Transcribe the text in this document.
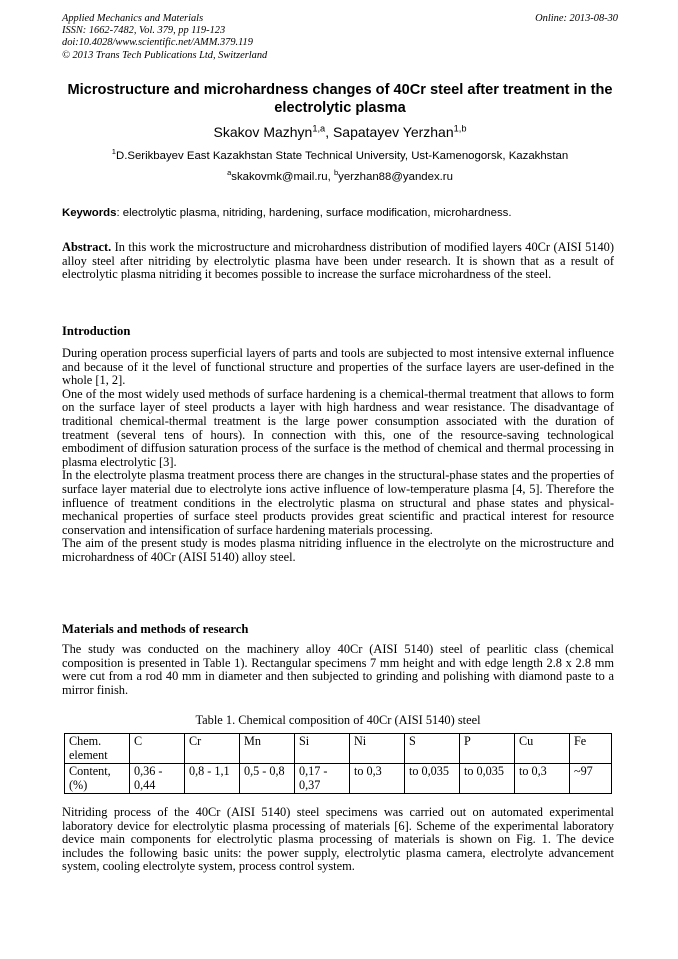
Applied Mechanics and Materials
ISSN: 1662-7482, Vol. 379, pp 119-123
doi:10.4028/www.scientific.net/AMM.379.119
© 2013 Trans Tech Publications Ltd, Switzerland
Online: 2013-08-30
Microstructure and microhardness changes of 40Cr steel after treatment in the electrolytic plasma
Skakov Mazhyn$^{1,a}$, Sapatayev Yerzhan$^{1,b}$
$^1$D.Serikbayev East Kazakhstan State Technical University, Ust-Kamenogorsk, Kazakhstan
$^a$skakovmk@mail.ru, $^b$yerzhan88@yandex.ru
Keywords: electrolytic plasma, nitriding, hardening, surface modification, microhardness.

Abstract. In this work the microstructure and microhardness distribution of modified layers 40Cr (AISI 5140) alloy steel after nitriding by electrolytic plasma have been under research. It is shown that as a result of electrolytic plasma nitriding it becomes possible to increase the surface microhardness of the steel.

Introduction

During operation process superficial layers of parts and tools are subjected to most intensive external influence and because of it the level of functional structure and properties of the surface layers are user-defined in the whole [1, 2].

One of the most widely used methods of surface hardening is a chemical-thermal treatment that allows to form on the surface layer of steel products a layer with high hardness and wear resistance. The disadvantage of traditional chemical-thermal treatment is the large power consumption associated with the duration of treatment (several tens of hours). In connection with this, one of the resource-saving technological embodiment of diffusion saturation process of the surface is the method of chemical and thermal processing in plasma electrolytic [3].

In the electrolyte plasma treatment process there are changes in the structural-phase states and the properties of surface layer material due to electrolyte ions active influence of low-temperature plasma [4, 5]. Therefore the influence of treatment conditions in the electrolytic plasma on structural and phase states and physical-mechanical properties of surface steel products provides great scientific and practical interest for resource conservation and intensification of surface hardening materials processing.

The aim of the present study is modes plasma nitriding influence in the electrolyte on the microstructure and microhardness of 40Cr (AISI 5140) alloy steel.

Materials and methods of research
The study was conducted on the machinery alloy 40Cr (AISI 5140) steel of pearlitic class (chemical composition is presented in Table 1). Rectangular specimens 7 mm height and with edge length 2.8 x 2.8 mm were cut from a rod 40 mm in diameter and then subjected to grinding and polishing with diamond paste to a mirror finish.
Table 1. Chemical composition of 40Cr (AISI 5140) steel
Chem. element	C	Cr	Mn	Si	Ni	S	P	Cu	Fe
Content, (%)	0,36 - 0,44	0,8 - 1,1	0,5 - 0,8	0,17 - 0,37	to 0,3	to 0,035	to 0,035	to 0,3	~97
Nitriding process of the 40Cr (AISI 5140) steel specimens was carried out on automated experimental laboratory device for electrolytic plasma processing of materials [6]. Scheme of the experimental laboratory device main components for electrolytic plasma processing of materials is shown on Fig. 1. The device includes the following basic units: the power supply, electrolytic plasma camera, electrolyte advancement system, cooling electrolyte system, process control system.
